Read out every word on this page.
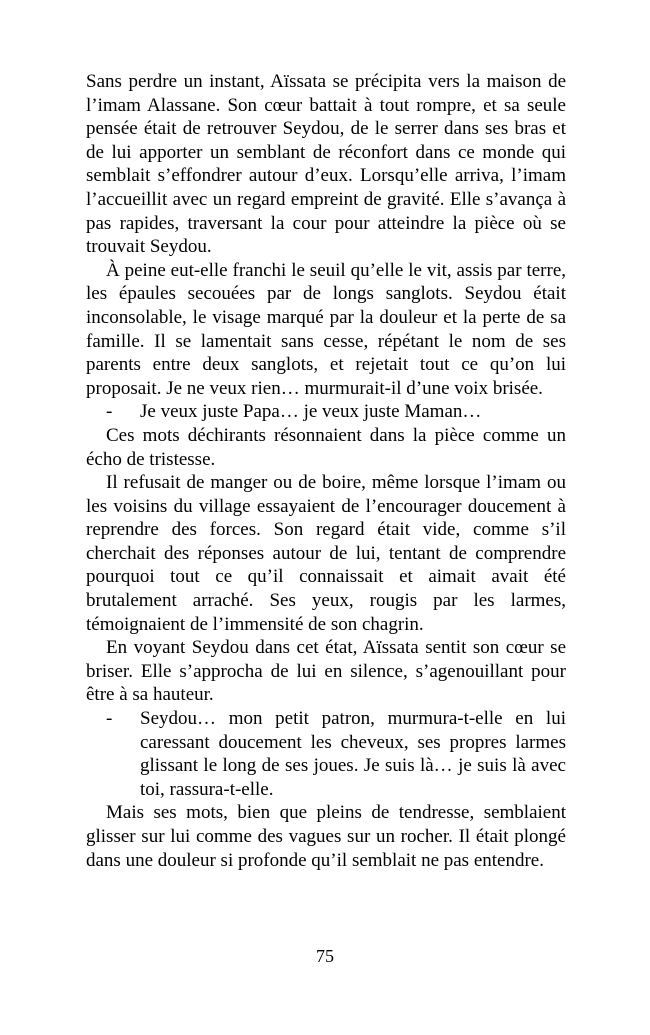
Sans perdre un instant, Aïssata se précipita vers la maison de l’imam Alassane. Son cœur battait à tout rompre, et sa seule pensée était de retrouver Seydou, de le serrer dans ses bras et de lui apporter un semblant de réconfort dans ce monde qui semblait s’effondrer autour d’eux. Lorsqu’elle arriva, l’imam l’accueillit avec un regard empreint de gravité. Elle s’avança à pas rapides, traversant la cour pour atteindre la pièce où se trouvait Seydou.

À peine eut-elle franchi le seuil qu’elle le vit, assis par terre, les épaules secouées par de longs sanglots. Seydou était inconsolable, le visage marqué par la douleur et la perte de sa famille. Il se lamentait sans cesse, répétant le nom de ses parents entre deux sanglots, et rejetait tout ce qu’on lui proposait. Je ne veux rien… murmurait-il d’une voix brisée.

-	Je veux juste Papa… je veux juste Maman…

Ces mots déchirants résonnaient dans la pièce comme un écho de tristesse.

Il refusait de manger ou de boire, même lorsque l’imam ou les voisins du village essayaient de l’encourager doucement à reprendre des forces. Son regard était vide, comme s’il cherchait des réponses autour de lui, tentant de comprendre pourquoi tout ce qu’il connaissait et aimait avait été brutalement arraché. Ses yeux, rougis par les larmes, témoignaient de l’immensité de son chagrin.

En voyant Seydou dans cet état, Aïssata sentit son cœur se briser. Elle s’approcha de lui en silence, s’agenouillant pour être à sa hauteur.

-	Seydou… mon petit patron, murmura-t-elle en lui caressant doucement les cheveux, ses propres larmes glissant le long de ses joues. Je suis là… je suis là avec toi, rassura-t-elle.

Mais ses mots, bien que pleins de tendresse, semblaient glisser sur lui comme des vagues sur un rocher. Il était plongé dans une douleur si profonde qu’il semblait ne pas entendre.

75
